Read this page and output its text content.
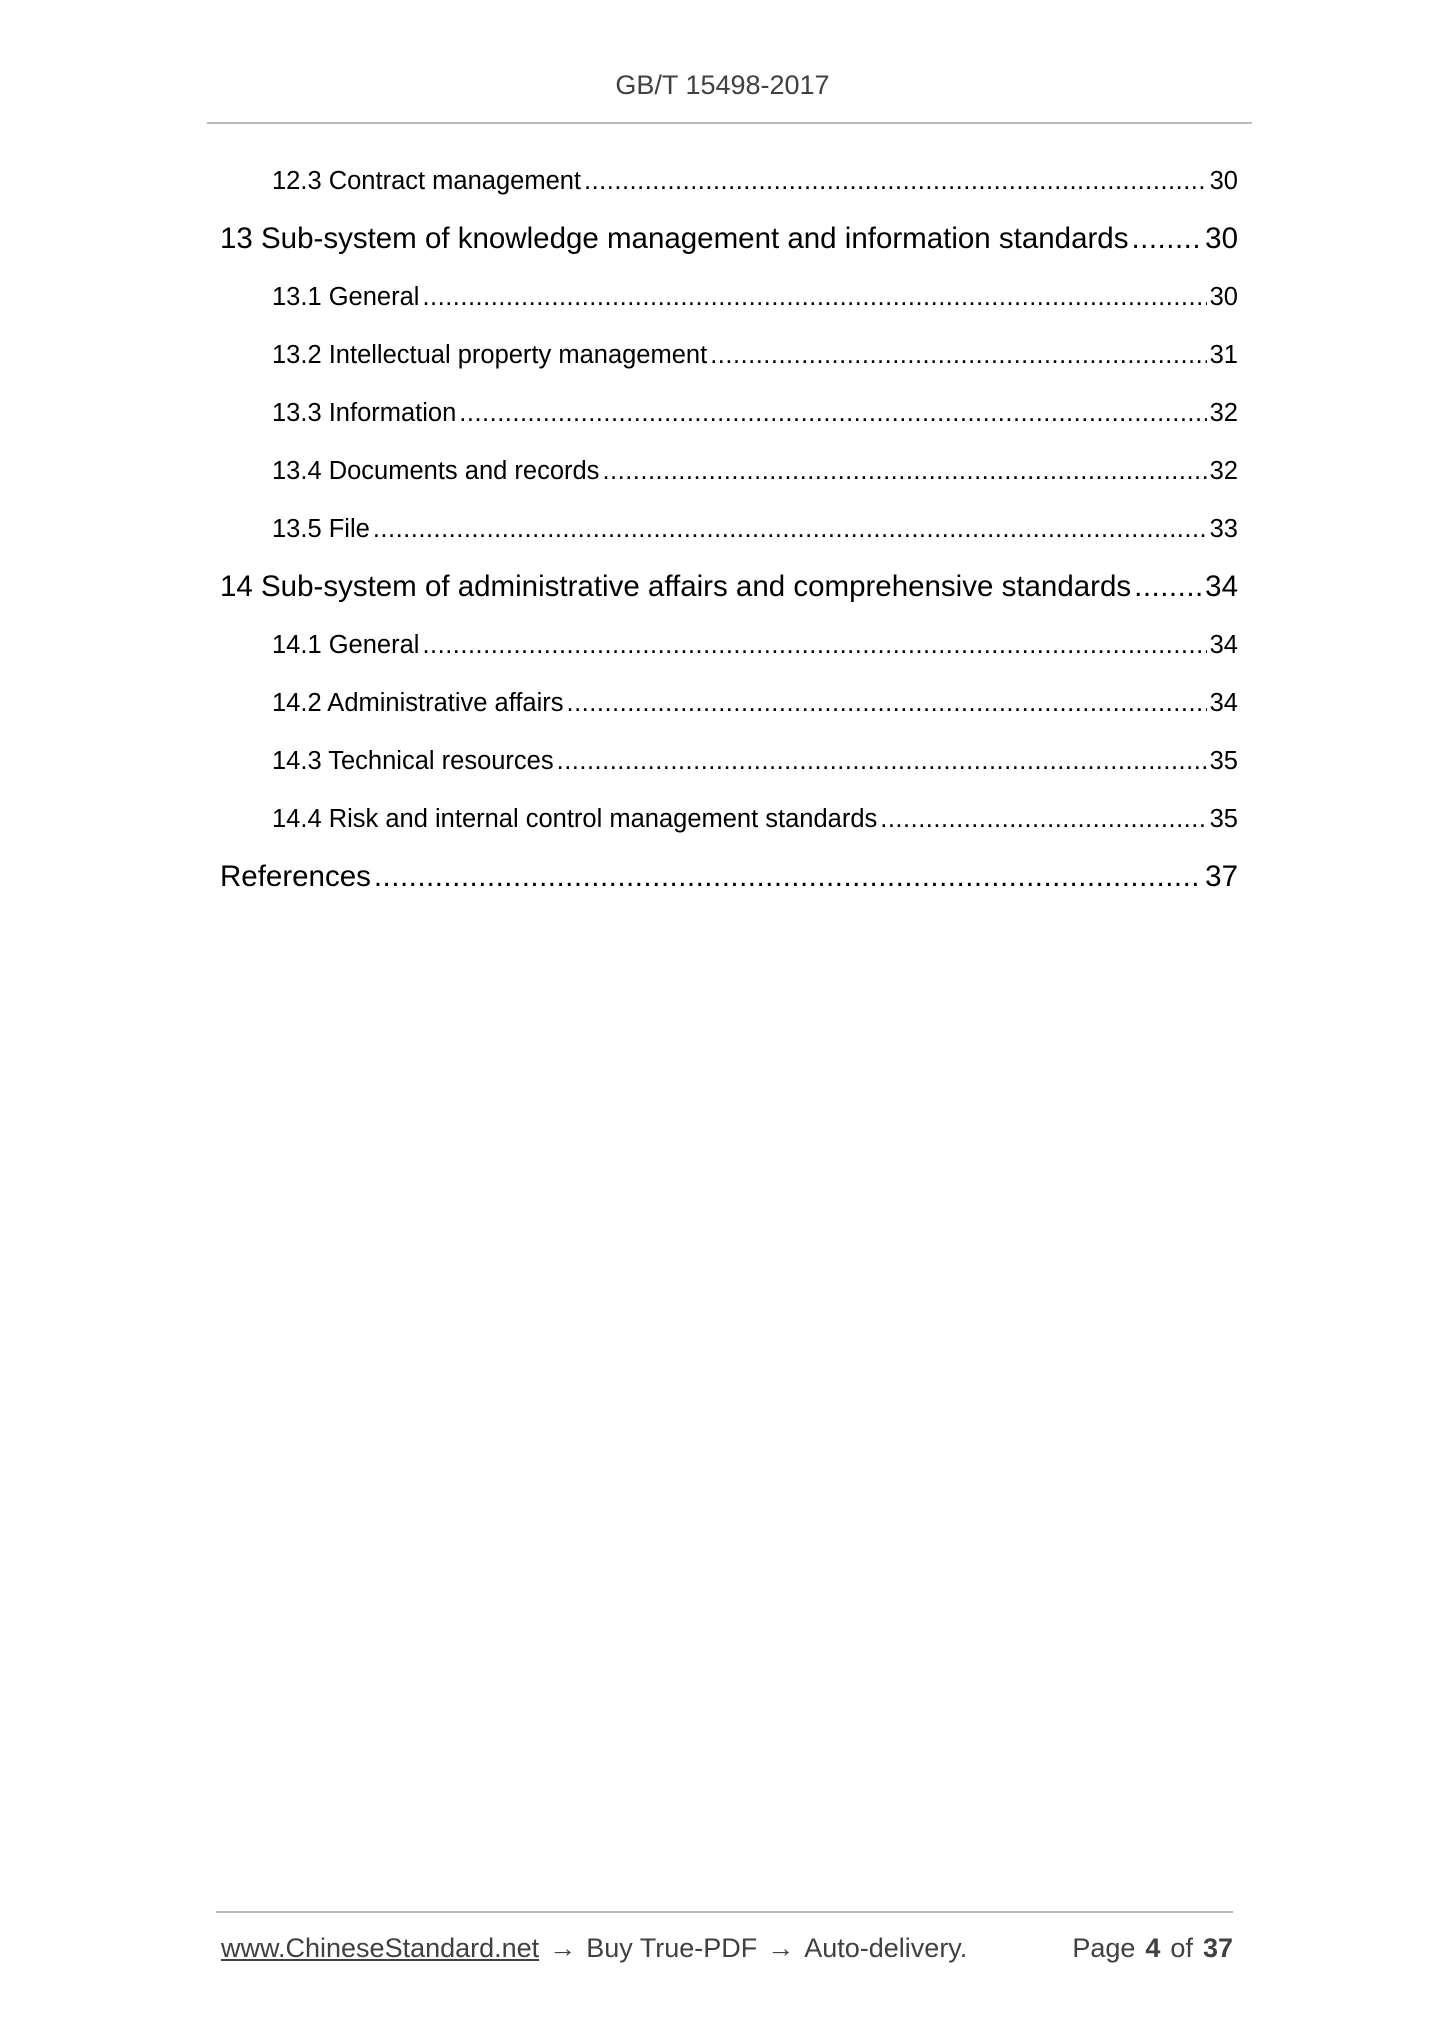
GB/T 15498-2017
12.3 Contract management .....	30
13 Sub-system of knowledge management and information standards .....	30
13.1 General .....	30
13.2 Intellectual property management .....	31
13.3 Information .....	32
13.4 Documents and records .....	32
13.5 File .....	33
14 Sub-system of administrative affairs and comprehensive standards .....	34
14.1 General .....	34
14.2 Administrative affairs .....	34
14.3 Technical resources .....	35
14.4 Risk and internal control management standards .....	35
References .....	37
www.ChineseStandard.net → Buy True-PDF → Auto-delivery.	Page 4 of 37
